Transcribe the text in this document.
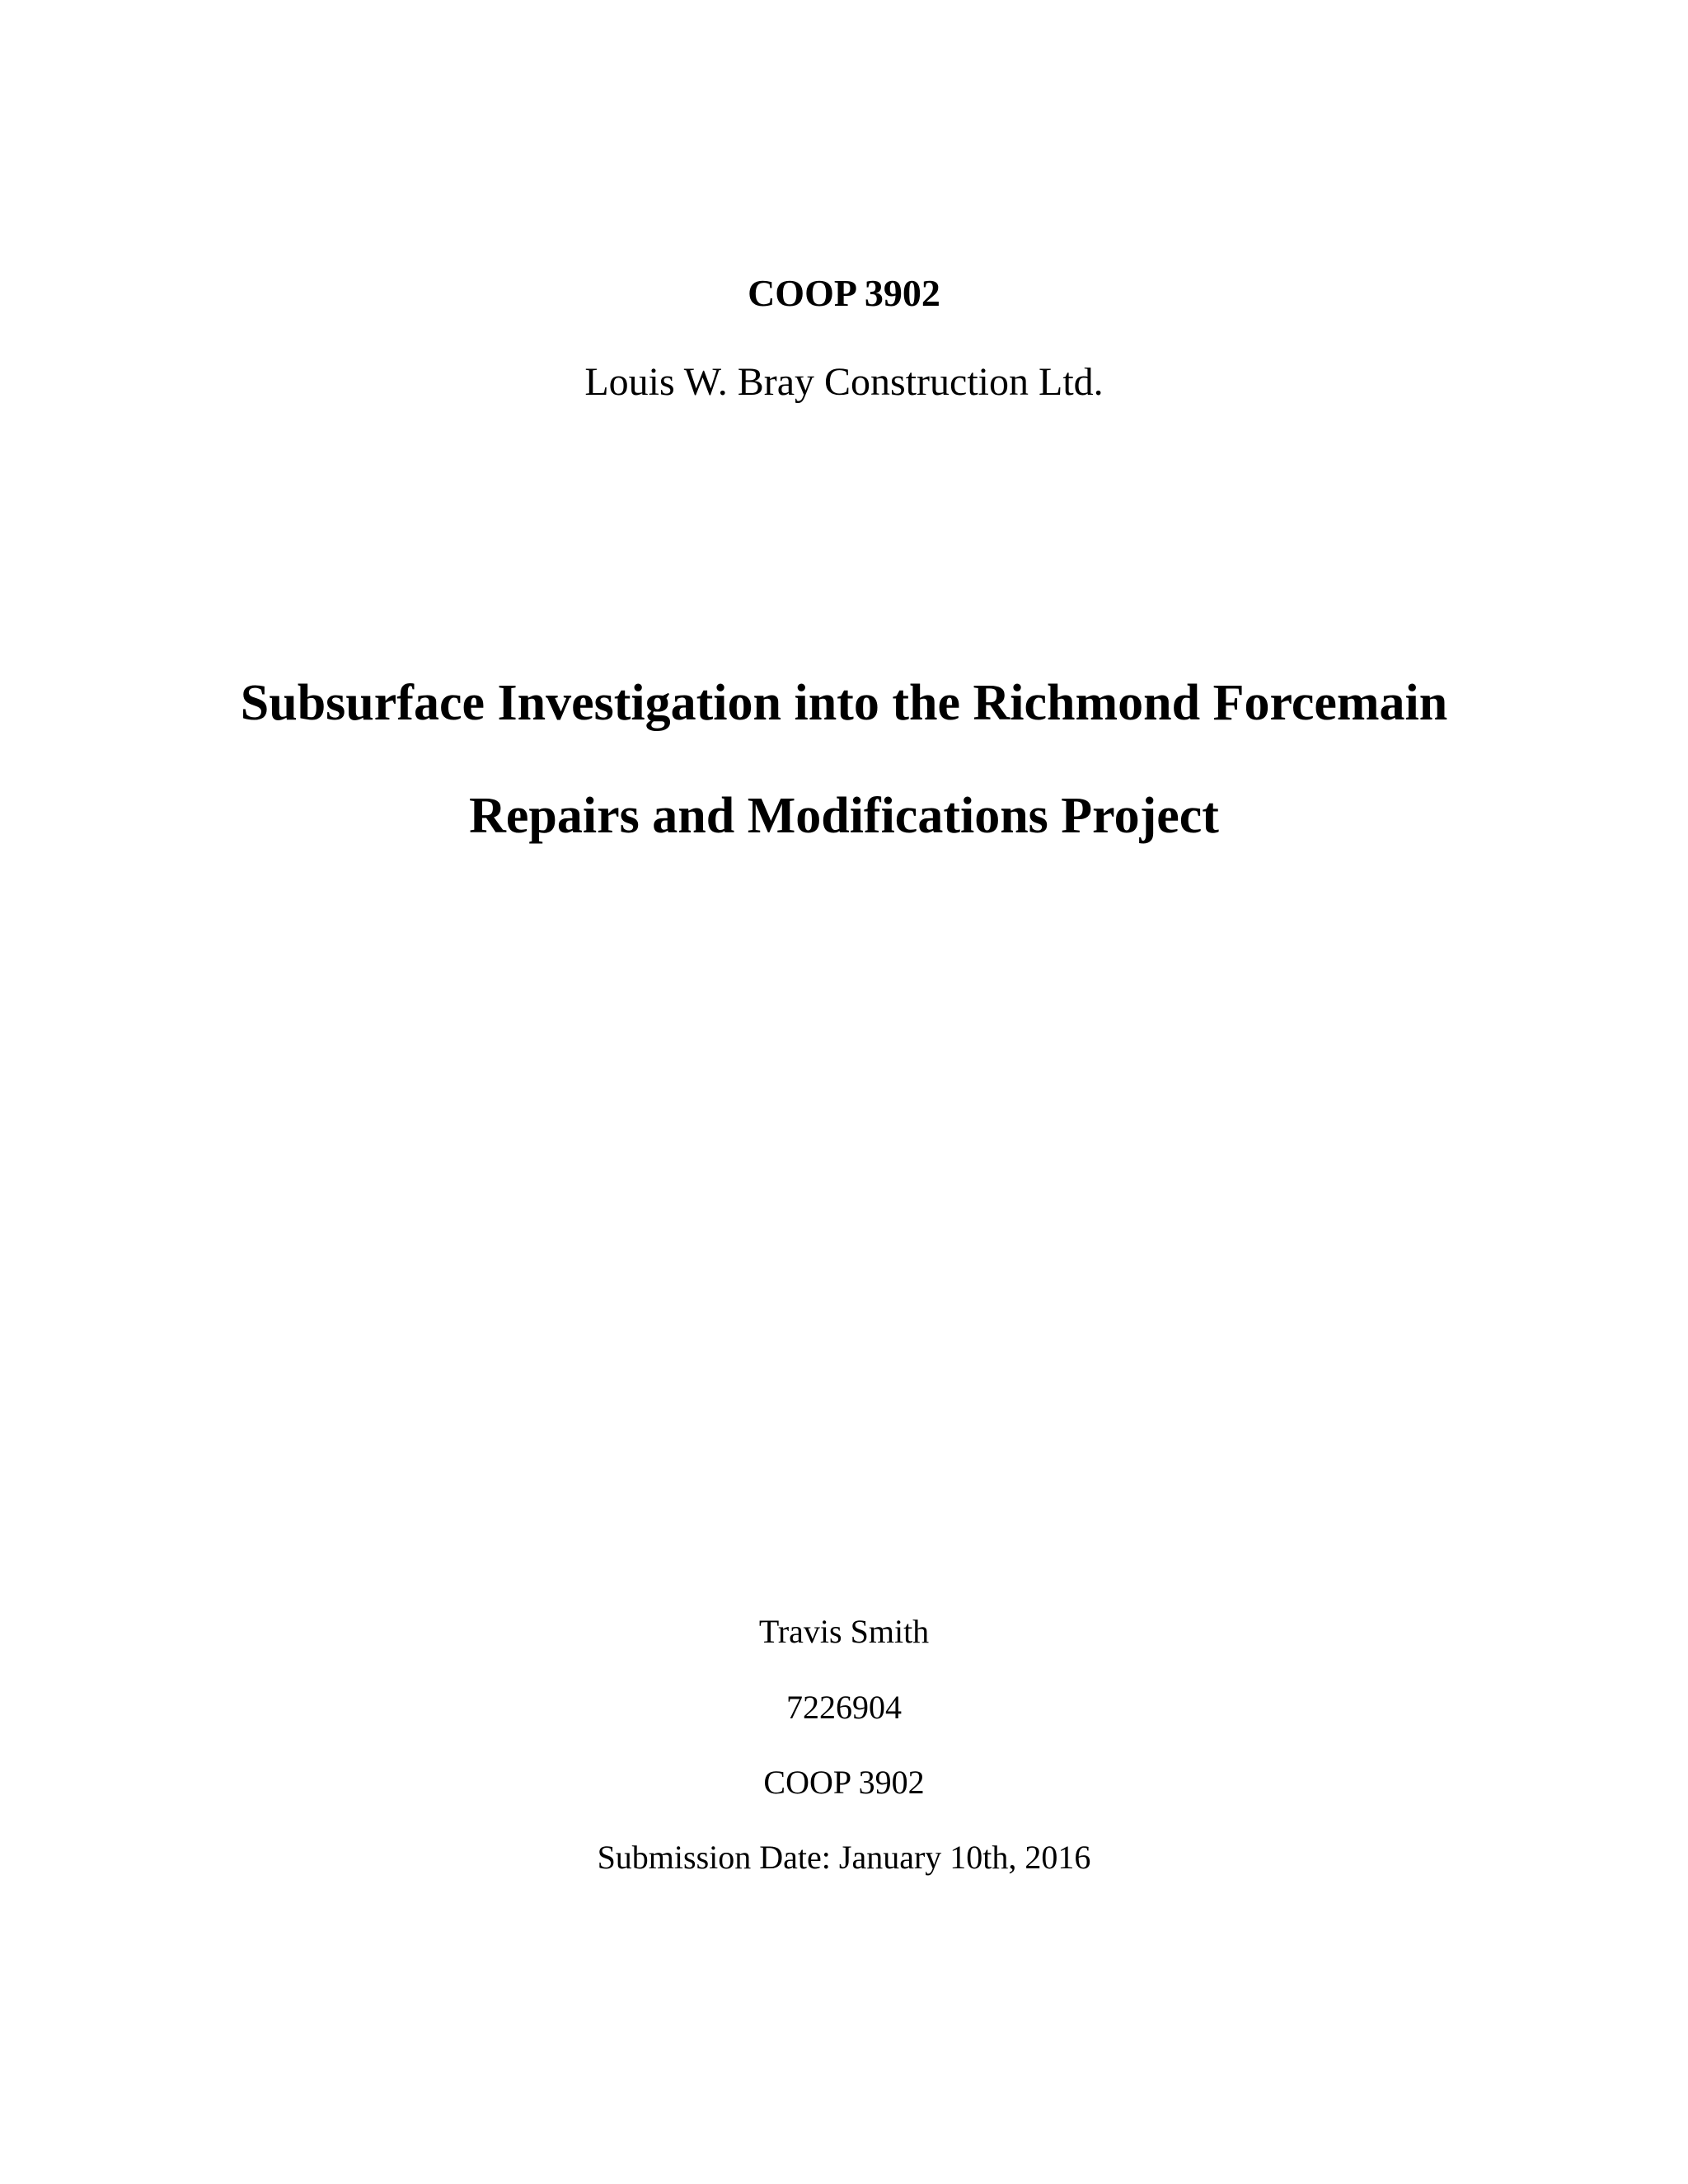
COOP 3902
Louis W. Bray Construction Ltd.
Subsurface Investigation into the Richmond Forcemain
Repairs and Modifications Project
Travis Smith
7226904
COOP 3902
Submission Date: January 10th, 2016
